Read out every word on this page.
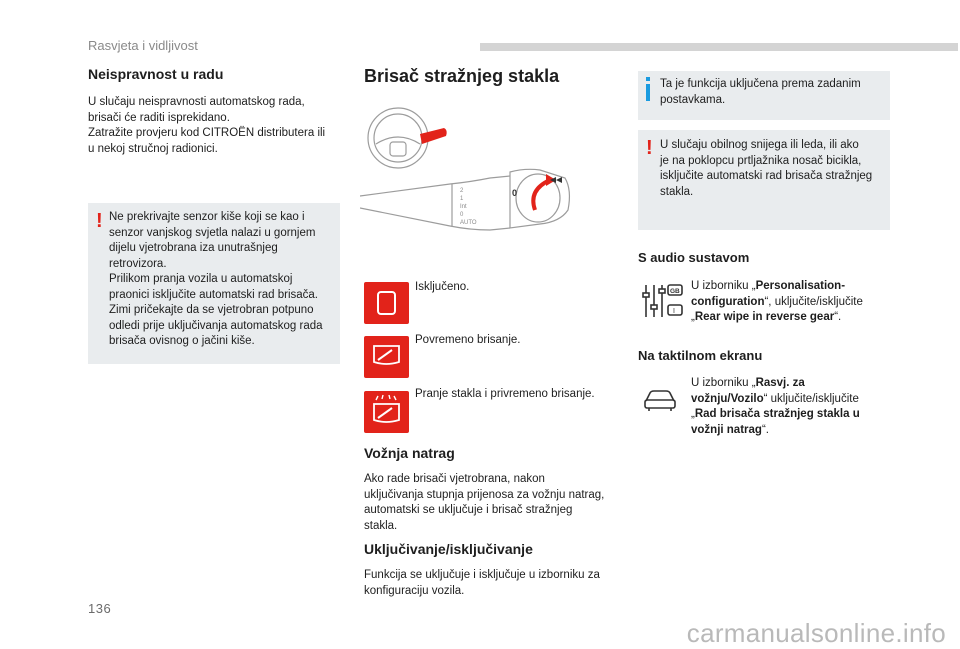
Rasvjeta i vidljivost
Neispravnost u radu
U slučaju neispravnosti automatskog rada,
brisači će raditi isprekidano.
Zatražite provjeru kod CITROËN distributera ili
u nekoj stručnoj radionici.
! Ne prekrivajte senzor kiše koji se kao i
senzor vanjskog svjetla nalazi u gornjem
dijelu vjetrobrana iza unutrašnjeg
retrovizora.
Prilikom pranja vozila u automatskoj
praonici isključite automatski rad brisača.
Zimi pričekajte da se vjetrobran potpuno
odledi prije uključivanja automatskog rada
brisača ovisnog o jačini kiše.
Brisač stražnjeg stakla
2
1
Int
0
AUTO
0
Isključeno.
Povremeno brisanje.
Pranje stakla i privremeno brisanje.
Vožnja natrag
Ako rade brisači vjetrobrana, nakon
uključivanja stupnja prijenosa za vožnju natrag,
automatski se uključuje i brisač stražnjeg
stakla.
Uključivanje/isključivanje
Funkcija se uključuje i isključuje u izborniku za
konfiguraciju vozila.
Ta je funkcija uključena prema zadanim
postavkama.
! U slučaju obilnog snijega ili leda, ili ako
je na poklopcu prtljažnika nosač bicikla,
isključite automatski rad brisača stražnjeg
stakla.
S audio sustavom
GB
I
U izborniku „Personalisation-
configuration“, uključite/isključite
„Rear wipe in reverse gear“.
Na taktilnom ekranu
U izborniku „Rasvj. za
vožnju/Vozilo“ uključite/isključite
„Rad brisača stražnjeg stakla u
vožnji natrag“.
136
carmanualsonline.info
